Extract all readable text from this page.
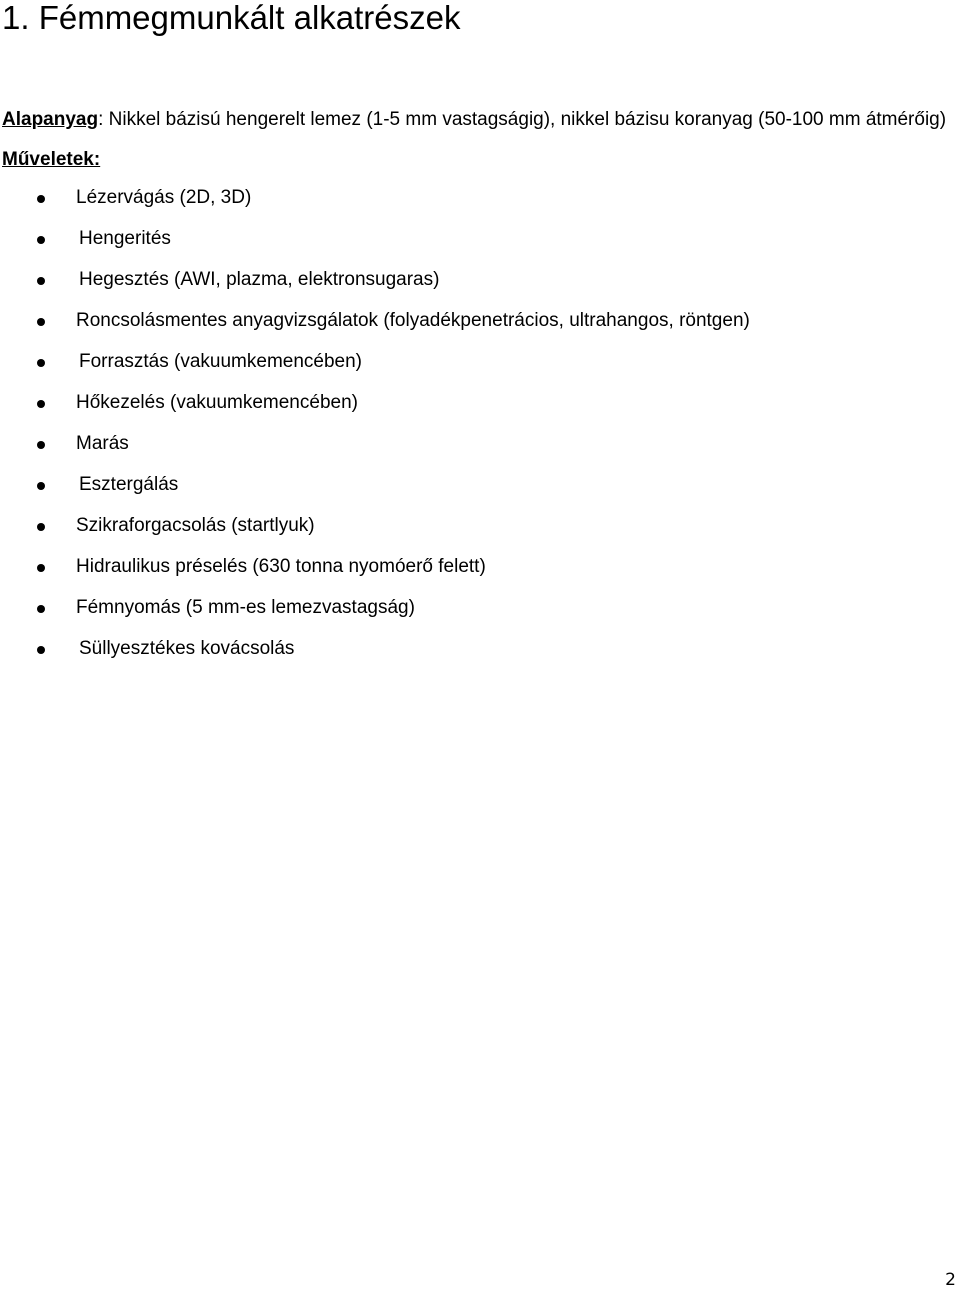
1. Fémmegmunkált alkatrészek
Alapanyag: Nikkel bázisú hengerelt lemez (1-5 mm vastagságig), nikkel bázisu koranyag (50-100 mm átmérőig)
Műveletek:
Lézervágás (2D, 3D)
Hengerités
Hegesztés (AWI, plazma, elektronsugaras)
Roncsolásmentes anyagvizsgálatok (folyadékpenetrácios, ultrahangos, röntgen)
Forrasztás (vakuumkemencében)
Hőkezelés (vakuumkemencében)
Marás
Esztergálás
Szikraforgacsolás (startlyuk)
Hidraulikus préselés (630 tonna nyomóerő felett)
Fémnyomás (5 mm-es lemezvastagság)
Süllyesztékes kovácsolás
2
